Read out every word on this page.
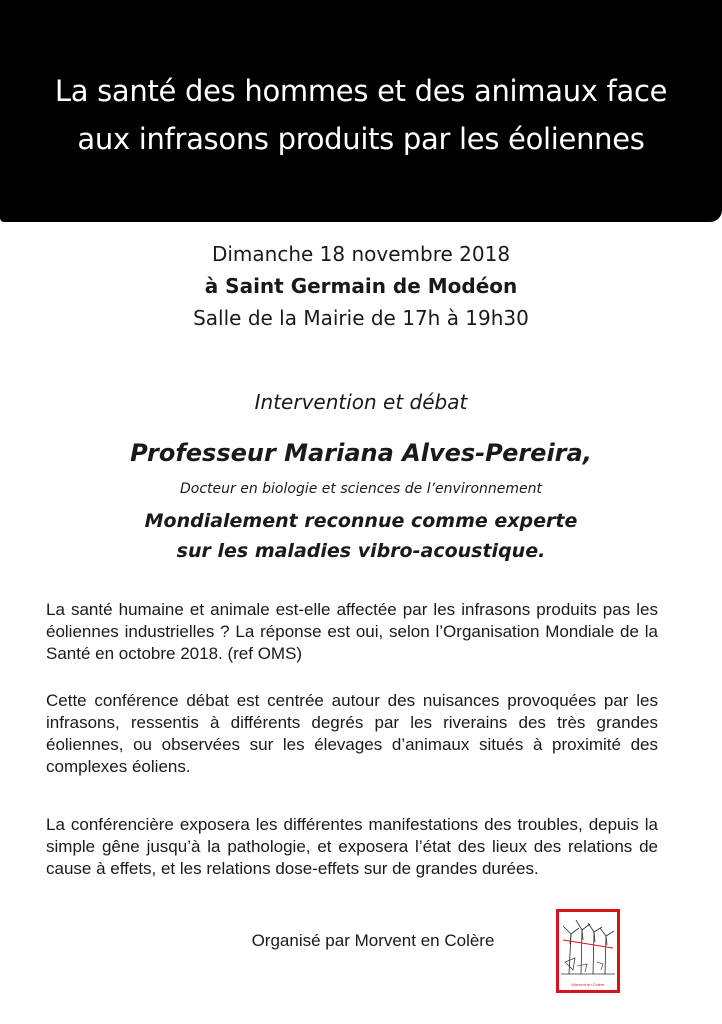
La santé des hommes et des animaux face
aux infrasons produits par les éoliennes
Dimanche 18 novembre 2018
à Saint Germain de Modéon
Salle de la Mairie de 17h à 19h30
Intervention et débat
Professeur Mariana Alves-Pereira,
Docteur en biologie et sciences de l’environnement
Mondialement reconnue comme experte
sur les maladies vibro-acoustique.
La santé humaine et animale est-elle affectée par les infrasons produits pas les éoliennes industrielles ? La réponse est oui, selon l’Organisation Mondiale de la Santé en octobre 2018. (ref OMS)
Cette conférence débat est centrée autour des nuisances provoquées par les infrasons, ressentis à différents degrés par les riverains des très grandes éoliennes, ou observées sur les élevages d’animaux situés à proximité des complexes éoliens.
La conférencière exposera les différentes manifestations des troubles, depuis la simple gêne jusqu’à la pathologie, et exposera l’état des lieux des relations de cause à effets, et les relations dose-effets sur de grandes durées.
Organisé par Morvent en Colère
Morvent en Colère
